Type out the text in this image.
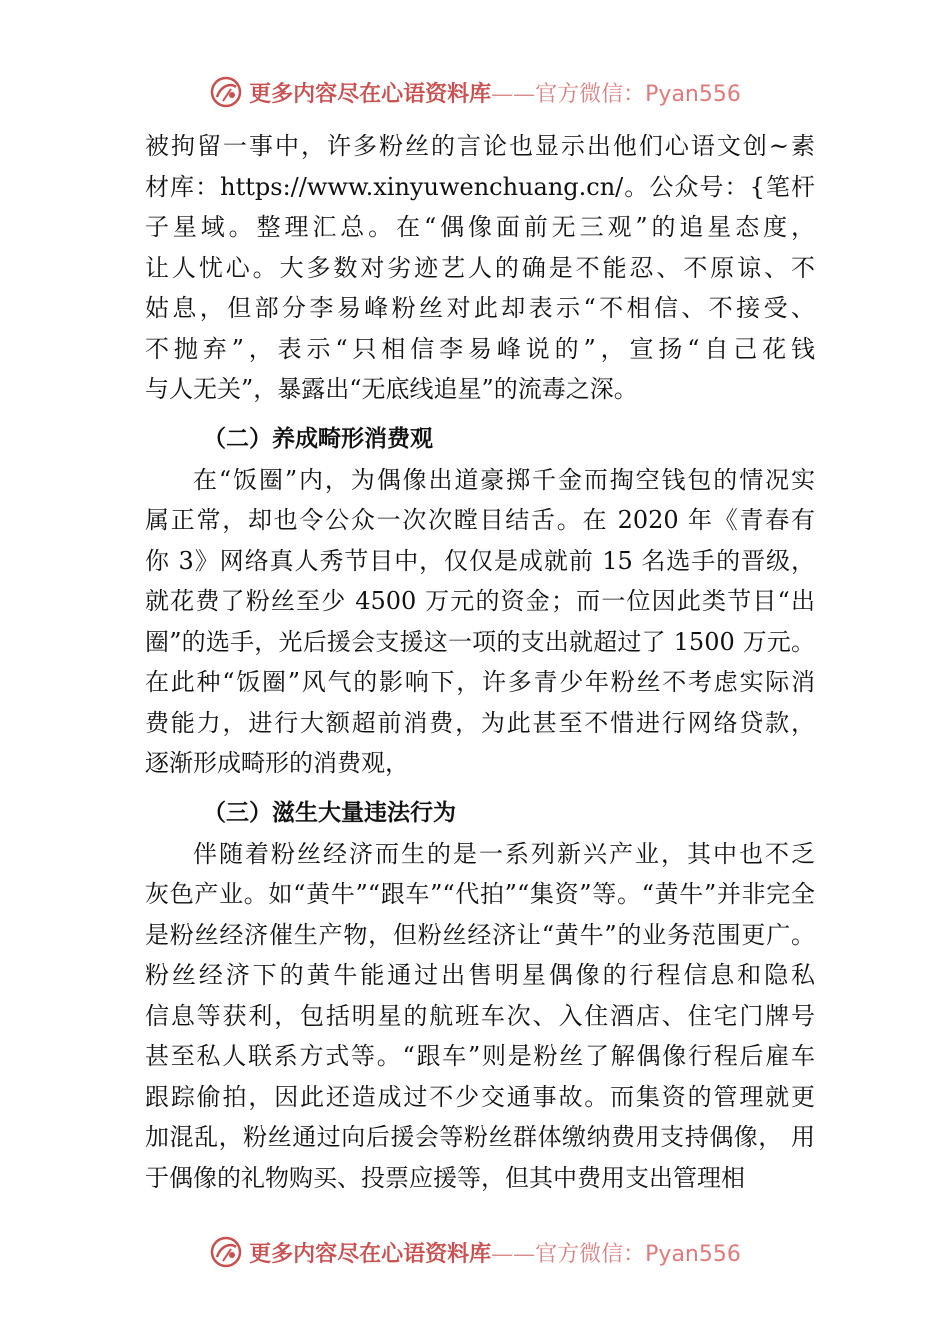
更多内容尽在心语资料库——官方微信：Pyan556
被拘留一事中，许多粉丝的言论也显示出他们心语文创~素
材库：https://www.xinyuwenchuang.cn/。公众号：{笔杆
子星域。整理汇总。在“偶像面前无三观”的追星态度，
让人忧心。大多数对劣迹艺人的确是不能忍、不原谅、不
姑息，但部分李易峰粉丝对此却表示“不相信、不接受、
不抛弃”，表示“只相信李易峰说的”，宣扬“自己花钱
与人无关”，暴露出“无底线追星”的流毒之深。
（二）养成畸形消费观
在“饭圈”内，为偶像出道豪掷千金而掏空钱包的情况实
属正常，却也令公众一次次瞠目结舌。在 2020 年《青春有
你 3》网络真人秀节目中，仅仅是成就前 15 名选手的晋级，
就花费了粉丝至少 4500 万元的资金；而一位因此类节目“出
圈”的选手，光后援会支援这一项的支出就超过了 1500 万元。
在此种“饭圈”风气的影响下，许多青少年粉丝不考虑实际消
费能力，进行大额超前消费，为此甚至不惜进行网络贷款，
逐渐形成畸形的消费观，
（三）滋生大量违法行为
伴随着粉丝经济而生的是一系列新兴产业，其中也不乏
灰色产业。如“黄牛”“跟车”“代拍”“集资”等。“黄牛”并非完全
是粉丝经济催生产物，但粉丝经济让“黄牛”的业务范围更广。
粉丝经济下的黄牛能通过出售明星偶像的行程信息和隐私
信息等获利，包括明星的航班车次、入住酒店、住宅门牌号
甚至私人联系方式等。“跟车”则是粉丝了解偶像行程后雇车
跟踪偷拍，因此还造成过不少交通事故。而集资的管理就更
加混乱，粉丝通过向后援会等粉丝群体缴纳费用支持偶像， 用
于偶像的礼物购买、投票应援等，但其中费用支出管理相
更多内容尽在心语资料库——官方微信：Pyan556
